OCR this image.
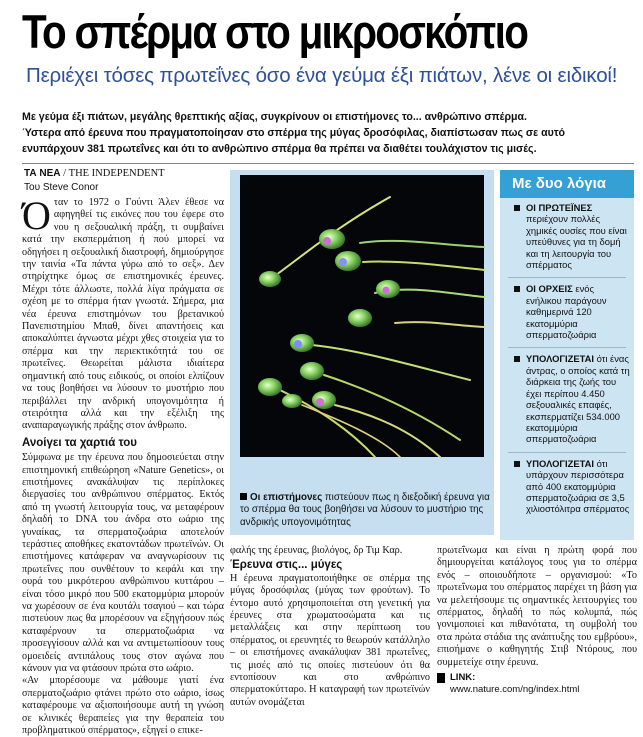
Το σπέρμα στο μικροσκόπιο
Περιέχει τόσες πρωτεΐνες όσο ένα γεύμα έξι πιάτων, λένε οι ειδικοί!
Με γεύμα έξι πιάτων, μεγάλης θρεπτικής αξίας, συγκρίνουν οι επιστήμονες το... ανθρώπινο σπέρμα.
Ύστερα από έρευνα που πραγματοποίησαν στο σπέρμα της μύγας δροσόφιλας, διαπίστωσαν πως σε αυτό
ενυπάρχουν 381 πρωτεΐνες και ότι το ανθρώπινο σπέρμα θα πρέπει να διαθέτει τουλάχιστον τις μισές.
ΤΑ ΝΕΑ / THE INDEPENDENT
Του Steve Conor

Όταν το 1972 ο Γούντι Άλεν έθεσε να αφηγηθεί τις εικόνες που του έφερε στο νου η σεξουαλική πράξη, τι συμβαίνει κατά την εκσπερμάτιση ή πού μπορεί να οδηγήσει η σεξουαλική διαστροφή, δημιούργησε την ταινία «Τα πάντα γύρω από το σεξ». Δεν στηρίχτηκε όμως σε επιστημονικές έρευνες. Μέχρι τότε άλλωστε, πολλά λίγα πράγματα σε σχέση με το σπέρμα ήταν γνωστά. Σήμερα, μια νέα έρευνα επιστημόνων του βρετανικού Πανεπιστημίου Μπαθ, δίνει απαντήσεις και αποκαλύπτει άγνωστα μέχρι χθες στοιχεία για το σπέρμα και την περιεκτικότητά του σε πρωτεΐνες. Θεωρείται μάλιστα ιδιαίτερα σημαντική από τους ειδικούς, οι οποίοι ελπίζουν να τους βοηθήσει να λύσουν το μυστήριο που περιβάλλει την ανδρική υπογονιμότητα ή στειρότητα αλλά και την εξέλιξη της αναπαραγωγικής πράξης στον άνθρωπο.

Ανοίγει τα χαρτιά του

Σύμφωνα με την έρευνα που δημοσιεύεται στην επιστημονική επιθεώρηση «Nature Genetics», οι επιστήμονες ανακάλυψαν τις περίπλοκες διεργασίες του ανθρώπινου σπέρματος. Εκτός από τη γνωστή λειτουργία τους, να μεταφέρουν δηλαδή το DNA του άνδρα στο ωάριο της γυναίκας, τα σπερματοζωάρια αποτελούν τεράστιες αποθήκες εκατοντάδων πρωτεϊνών. Οι επιστήμονες κατάφεραν να αναγνωρίσουν τις πρωτεΐνες που συνθέτουν το κεφάλι και την ουρά του μικρότερου ανθρώπινου κυττάρου – είναι τόσο μικρό που 500 εκατομμύρια μπορούν να χωρέσουν σε ένα κουτάλι τσαγιού – και τώρα πιστεύουν πως θα μπορέσουν να εξηγήσουν πώς καταφέρνουν τα σπερματοζωάρια να προσεγγίσουν αλλά και να αντιμετωπίσουν τους ομοειδείς αντιπάλους τους στον αγώνα που κάνουν για να φτάσουν πρώτα στο ωάριο.

«Αν μπορέσουμε να μάθουμε γιατί ένα σπερματοζωάριο φτάνει πρώτο στο ωάριο, ίσως καταφέρουμε να αξιοποιήσουμε αυτή τη γνώση σε κλινικές θεραπείες για την θεραπεία του προβληματικού σπέρματος», εξηγεί ο επικε-

Οι επιστήμονες πιστεύουν πως η διεξοδική έρευνα για το σπέρμα θα τους βοηθήσει να λύσουν το μυστήριο της ανδρικής υπογονιμότητας
Με δυο λόγια
ΟΙ ΠΡΩΤΕΪΝΕΣ περιέχουν πολλές χημικές ουσίες που είναι υπεύθυνες για τη δομή και τη λειτουργία του σπέρματος
ΟΙ ΟΡΧΕΙΣ ενός ενήλικου παράγουν καθημερινά 120 εκατομμύρια σπερματοζωάρια
ΥΠΟΛΟΓΙΖΕΤΑΙ ότι ένας άντρας, ο οποίος κατά τη διάρκεια της ζωής του έχει περίπου 4.450 σεξουαλικές επαφές, εκσπερματίζει 534.000 εκατομμύρια σπερματοζωάρια
ΥΠΟΛΟΓΙΖΕΤΑΙ ότι υπάρχουν περισσότερα από 400 εκατομμύρια σπερματοζωάρια σε 3,5 χιλιοστόλιτρα σπέρματος

φαλής της έρευνας, βιολόγος, δρ Τιμ Καρ.

Έρευνα στις... μύγες

Η έρευνα πραγματοποιήθηκε σε σπέρμα της μύγας δροσόφιλας (μύγας των φρούτων). Το έντομο αυτό χρησιμοποιείται στη γενετική για έρευνες στα χρωματοσώματα και τις μεταλλάξεις και στην περίπτωση του σπέρματος, οι ερευνητές το θεωρούν κατάλληλο – οι επιστήμονες ανακάλυψαν 381 πρωτεΐνες, τις μισές από τις οποίες πιστεύουν ότι θα εντοπίσουν και στο ανθρώπινο σπερματοκύτταρο. Η καταγραφή των πρωτεϊνών αυτών ονομάζεται

πρωτεΐνωμα και είναι η πρώτη φορά που δημιουργείται κατάλογος τους για το σπέρμα ενός – οποιουδήποτε – οργανισμού: «Το πρωτεΐνωμα του σπέρματος παρέχει τη βάση για να μελετήσουμε τις σημαντικές λειτουργίες του σπέρματος, δηλαδή το πώς κολυμπά, πώς γονιμοποιεί και πιθανότατα, τη συμβολή του στα πρώτα στάδια της ανάπτυξης του εμβρύου», επισήμανε ο καθηγητής Στιβ Ντόρους, που συμμετείχε στην έρευνα.

LINK:
www.nature.com/ng/index.html
